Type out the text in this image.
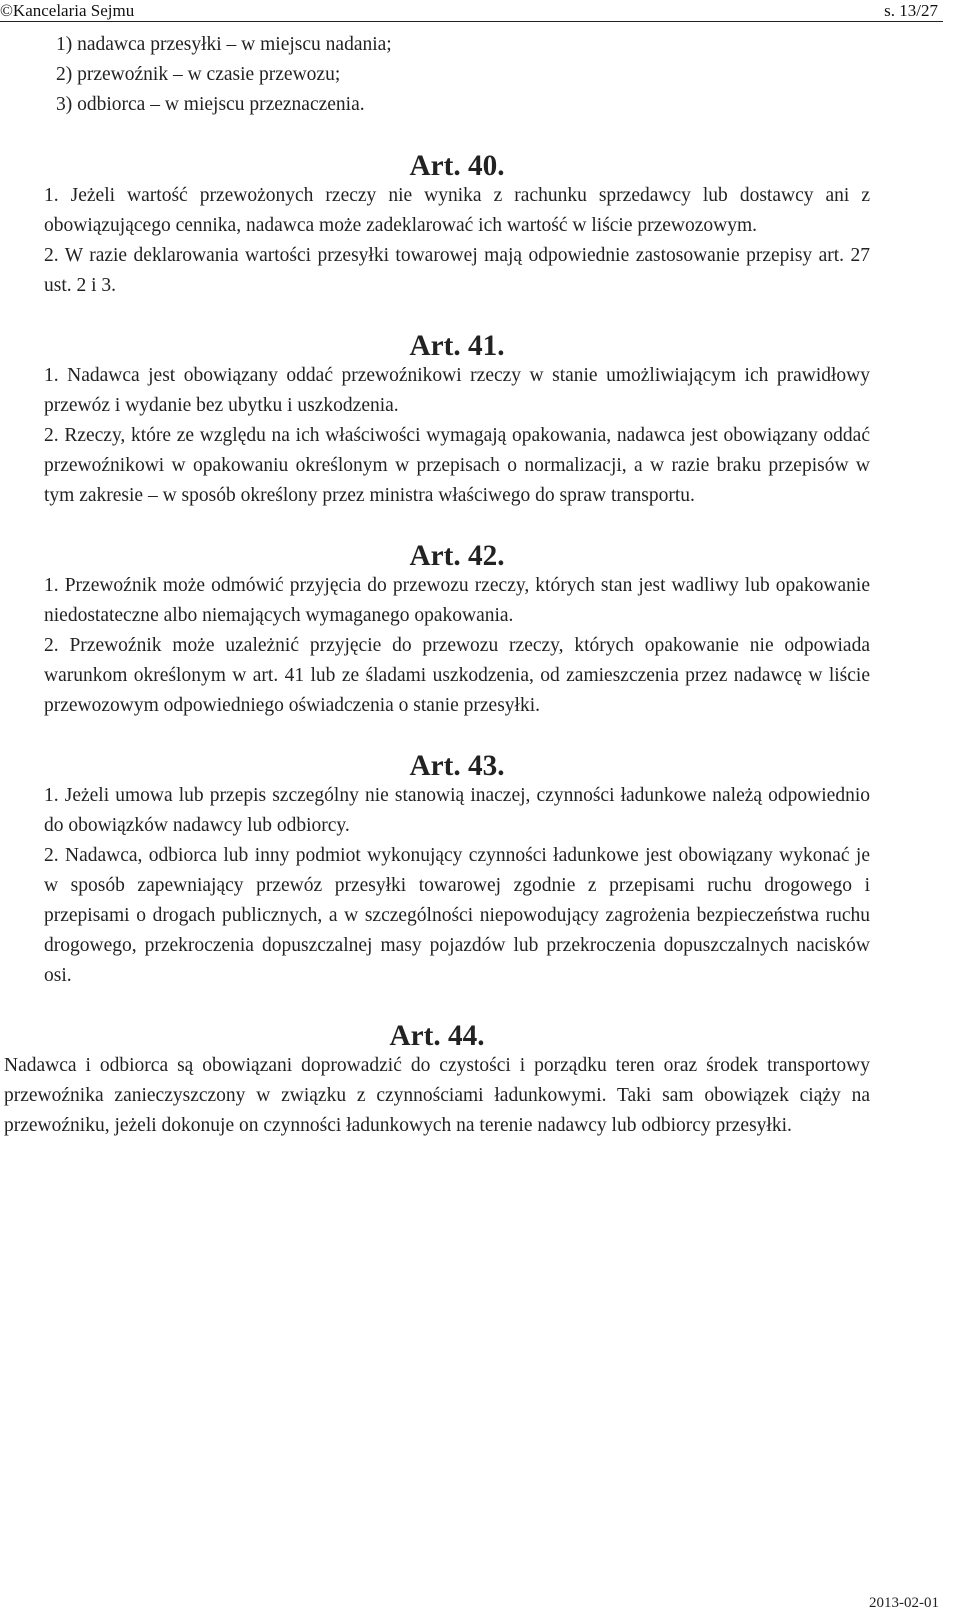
©Kancelaria Sejmu	s. 13/27

1) nadawca przesyłki – w miejscu nadania;

2) przewoźnik – w czasie przewozu;

3) odbiorca – w miejscu przeznaczenia.

Art. 40.

1. Jeżeli wartość przewożonych rzeczy nie wynika z rachunku sprzedawcy lub dostawcy ani z obowiązującego cennika, nadawca może zadeklarować ich wartość w liście przewozowym.

2. W razie deklarowania wartości przesyłki towarowej mają odpowiednie zastosowanie przepisy art. 27 ust. 2 i 3.

Art. 41.

1. Nadawca jest obowiązany oddać przewoźnikowi rzeczy w stanie umożliwiającym ich prawidłowy przewóz i wydanie bez ubytku i uszkodzenia.

2. Rzeczy, które ze względu na ich właściwości wymagają opakowania, nadawca jest obowiązany oddać przewoźnikowi w opakowaniu określonym w przepisach o normalizacji, a w razie braku przepisów w tym zakresie – w sposób określony przez ministra właściwego do spraw transportu.

Art. 42.

1. Przewoźnik może odmówić przyjęcia do przewozu rzeczy, których stan jest wadliwy lub opakowanie niedostateczne albo niemających wymaganego opakowania.

2. Przewoźnik może uzależnić przyjęcie do przewozu rzeczy, których opakowanie nie odpowiada warunkom określonym w art. 41 lub ze śladami uszkodzenia, od zamieszczenia przez nadawcę w liście przewozowym odpowiedniego oświadczenia o stanie przesyłki.

Art. 43.

1. Jeżeli umowa lub przepis szczególny nie stanowią inaczej, czynności ładunkowe należą odpowiednio do obowiązków nadawcy lub odbiorcy.

2. Nadawca, odbiorca lub inny podmiot wykonujący czynności ładunkowe jest obowiązany wykonać je w sposób zapewniający przewóz przesyłki towarowej zgodnie z przepisami ruchu drogowego i przepisami o drogach publicznych, a w szczególności niepowodujący zagrożenia bezpieczeństwa ruchu drogowego, przekroczenia dopuszczalnej masy pojazdów lub przekroczenia dopuszczalnych nacisków osi.

Art. 44.

Nadawca i odbiorca są obowiązani doprowadzić do czystości i porządku teren oraz środek transportowy przewoźnika zanieczyszczony w związku z czynnościami ładunkowymi. Taki sam obowiązek ciąży na przewoźniku, jeżeli dokonuje on czynności ładunkowych na terenie nadawcy lub odbiorcy przesyłki.

2013-02-01
